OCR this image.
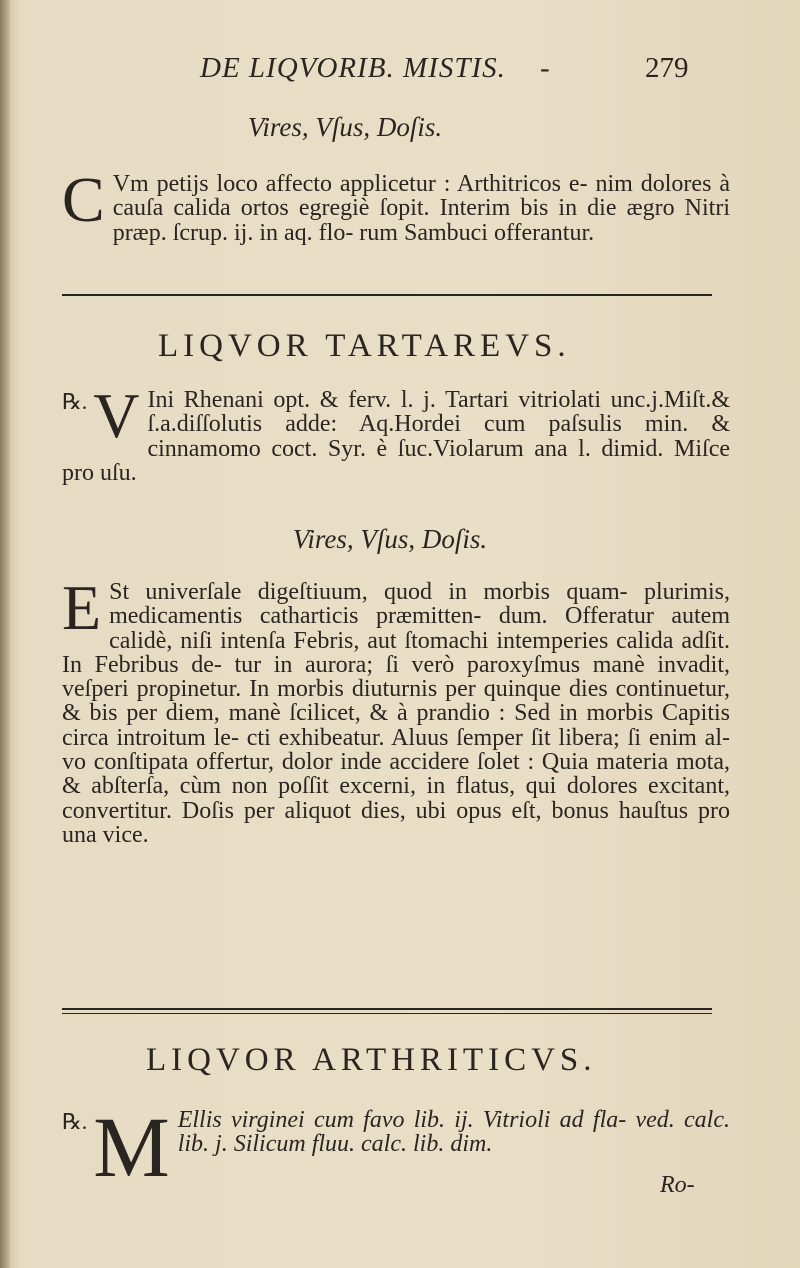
DE LIQVORIB. MISTIS. -	279
Vires, Vſus, Doſis.

C Vm petijs loco affecto applicetur : Arthitricos e- nim dolores à cauſa calida ortos egregiè ſopit. Interim bis in die ægro Nitri præp. ſcrup. ij. in aq. flo- rum Sambuci offerantur.

LIQVOR TARTAREVS.

℞. V Ini Rhenani opt. & ferv. l. j. Tartari vitriolati unc.j.Miſt.& ſ.a.diſſolutis adde: Aq.Hordei cum paſsulis min. & cinnamomo coct. Syr. è ſuc.Violarum ana l. dimid. Miſce pro uſu.

Vires, Vſus, Doſis.

E St univerſale digeſtiuum, quod in morbis quam- plurimis, medicamentis catharticis præmitten- dum. Offeratur autem calidè, niſi intenſa Febris, aut ſtomachi intemperies calida adſit. In Febribus de- tur in aurora; ſi verò paroxyſmus manè invadit, veſperi propinetur. In morbis diuturnis per quinque dies continuetur, & bis per diem, manè ſcilicet, & à prandio : Sed in morbis Capitis circa introitum le- cti exhibeatur. Aluus ſemper ſit libera; ſi enim al- vo conſtipata offertur, dolor inde accidere ſolet : Quia materia mota, & abſterſa, cùm non poſſit excerni, in flatus, qui dolores excitant, convertitur. Doſis per aliquot dies, ubi opus eſt, bonus hauſtus pro una vice.

LIQVOR ARTHRITICVS.

℞. M Ellis virginei cum favo lib. ij. Vitrioli ad fla- ved. calc. lib. j. Silicum fluu. calc. lib. dim.

Ro-
